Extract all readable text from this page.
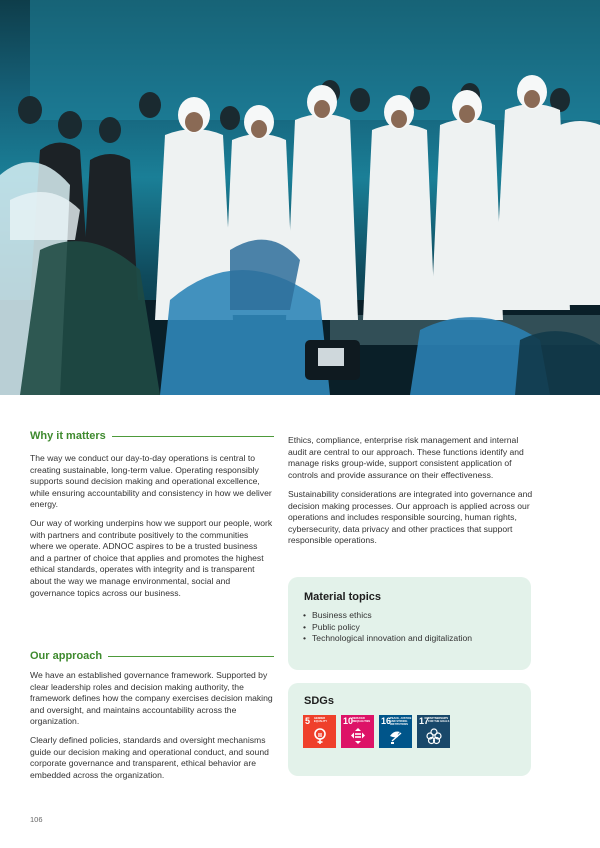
Why it matters

The way we conduct our day-to-day operations is central to creating sustainable, long-term value. Operating responsibly supports sound decision making and operational excellence, while ensuring accountability and consistency in how we deliver energy.

Our way of working underpins how we support our people, work with partners and contribute positively to the communities where we operate. ADNOC aspires to be a trusted business and a partner of choice that applies and promotes the highest ethical standards, operates with integrity and is transparent about the way we manage environmental, social and governance topics across our business.

Our approach

We have an established governance framework. Supported by clear leadership roles and decision making authority, the framework defines how the company exercises decision making and oversight, and maintains accountability across the organization.

Clearly defined policies, standards and oversight mechanisms guide our decision making and operational conduct, and sound corporate governance and transparent, ethical behavior are embedded across the organization.

Ethics, compliance, enterprise risk management and internal audit are central to our approach. These functions identify and manage risks group-wide, support consistent application of controls and provide assurance on their effectiveness.

Sustainability considerations are integrated into governance and decision making processes. Our approach is applied across our operations and includes responsible sourcing, human rights, cybersecurity, data privacy and other practices that support responsible operations.

Material topics
• Business ethics
• Public policy
• Technological innovation and digitalization
SDGs
5 GENDER EQUALITY	10
REDUCED INEQUALITIES	16
PEACE, JUSTICE AND STRONG INSTITUTIONS	17
PARTNERSHIPS FOR THE GOALS
106
